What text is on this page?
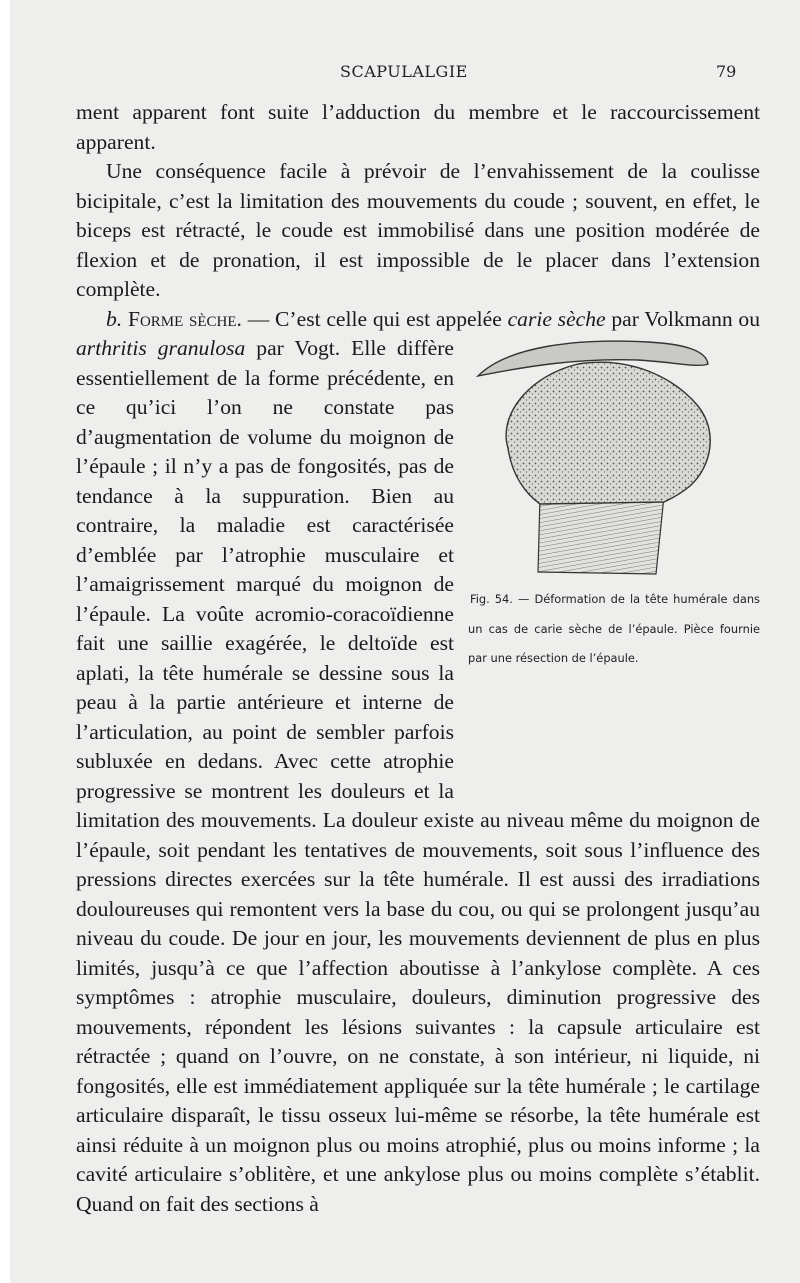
SCAPULALGIE	79

ment apparent font suite l’adduction du membre et le raccourcissement apparent.

Une conséquence facile à prévoir de l’envahissement de la coulisse bicipitale, c’est la limitation des mouvements du coude ; souvent, en effet, le biceps est rétracté, le coude est immobilisé dans une position modérée de flexion et de pronation, il est impossible de le placer dans l’extension complète.

b. Forme sèche. — C’est celle qui est appelée carie sèche par Volkmann ou arthritis granulosa
Fig. 54. — Déformation de la tête humérale dans un cas de carie sèche de l’épaule. Pièce fournie par une résection de l’épaule.
par Vogt. Elle diffère essentiellement de la forme précédente, en ce qu’ici l’on ne constate pas d’augmentation de volume du moignon de l’épaule ; il n’y a pas de fongosités, pas de tendance à la suppuration. Bien au contraire, la maladie est caractérisée d’emblée par l’atrophie musculaire et l’amaigrissement marqué du moignon de l’épaule. La voûte acromio-coracoïdienne fait une saillie exagérée, le deltoïde est aplati, la tête humérale se dessine sous la peau à la partie antérieure et interne de l’articulation, au point de sembler parfois subluxée en dedans. Avec cette atrophie progressive se montrent les douleurs et la limitation des mouvements. La douleur existe au niveau même du moignon de l’épaule, soit pendant les tentatives de mouvements, soit sous l’influence des pressions directes exercées sur la tête humérale. Il est aussi des irradiations douloureuses qui remontent vers la base du cou, ou qui se prolongent jusqu’au niveau du coude. De jour en jour, les mouvements deviennent de plus en plus limités, jusqu’à ce que l’affection aboutisse à l’ankylose complète. A ces symptômes : atrophie musculaire, douleurs, diminution progressive des mouvements, répondent les lésions suivantes : la capsule articulaire est rétractée ; quand on l’ouvre, on ne constate, à son intérieur, ni liquide, ni fongosités, elle est immédiatement appliquée sur la tête humérale ; le cartilage articulaire disparaît, le tissu osseux lui-même se résorbe, la tête humérale est ainsi réduite à un moignon plus ou moins atrophié, plus ou moins informe ; la cavité articulaire s’oblitère, et une ankylose plus ou moins complète s’établit. Quand on fait des sections à
